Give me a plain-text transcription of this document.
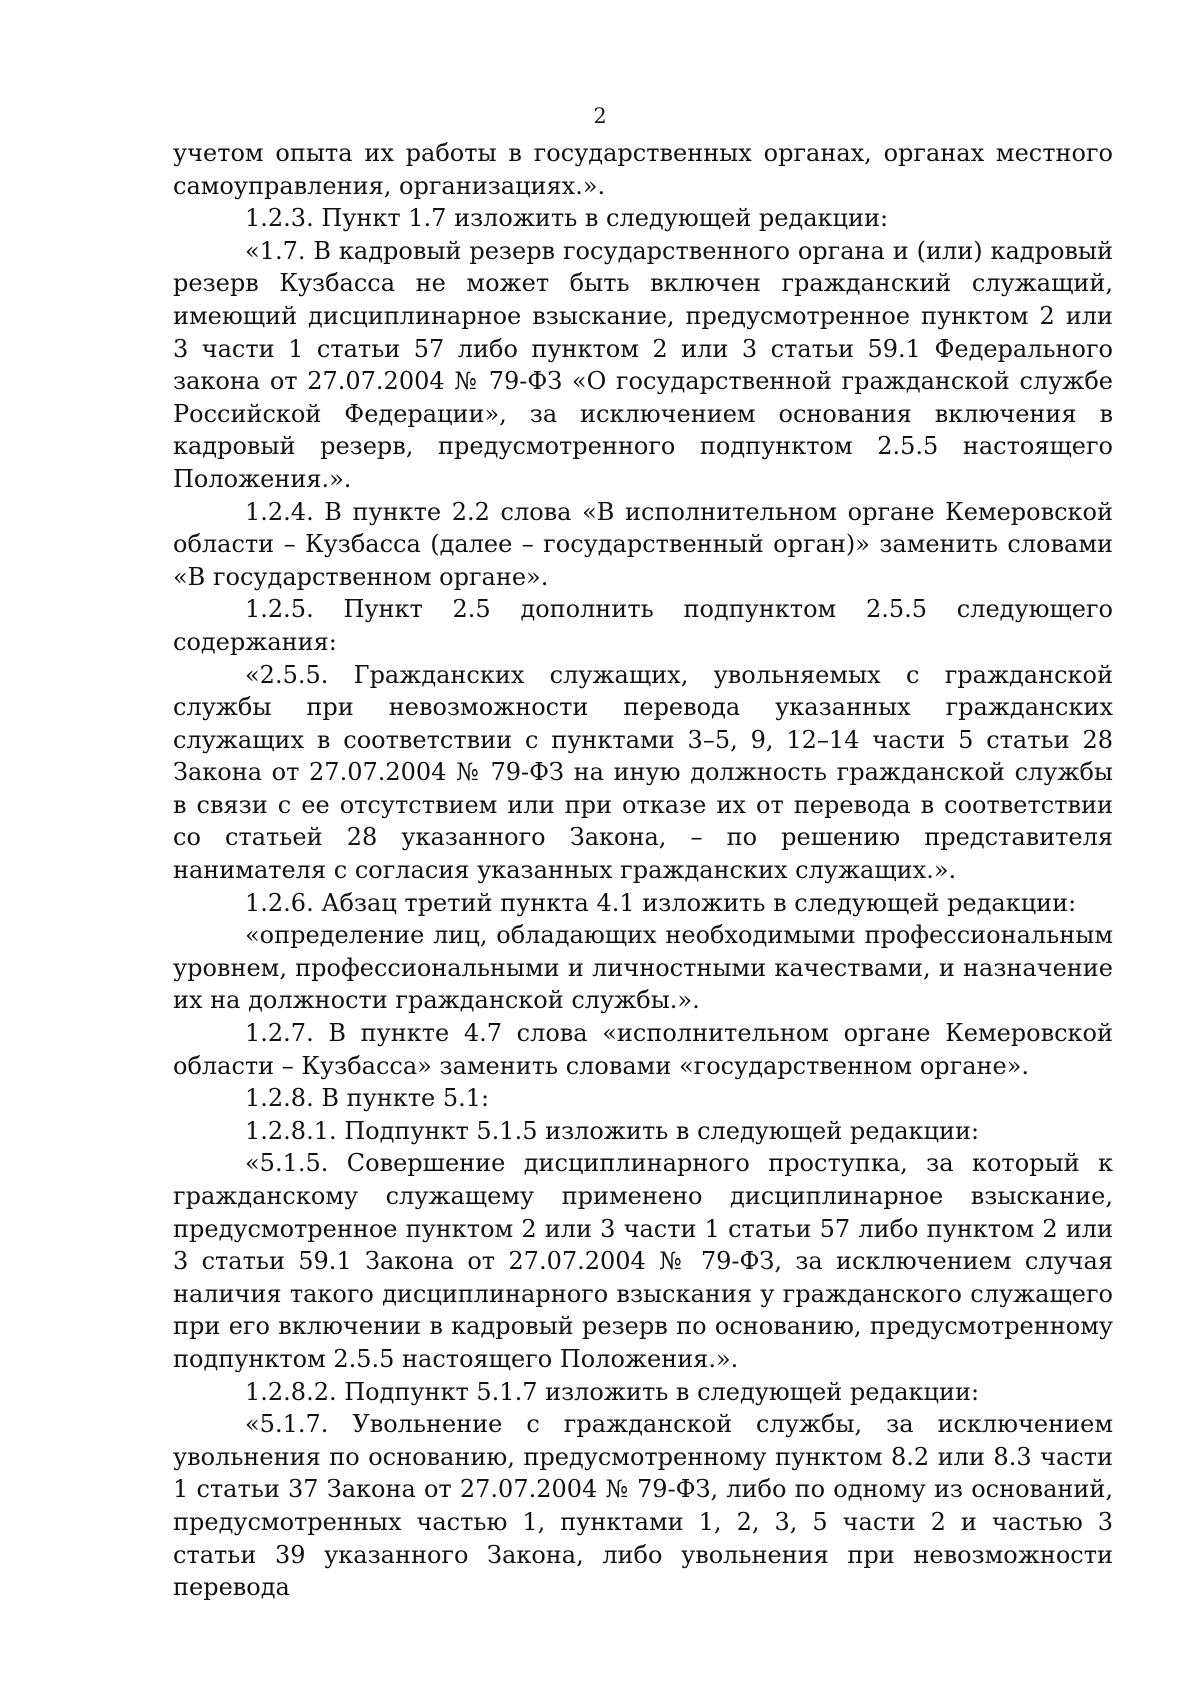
2

учетом опыта их работы в государственных органах, органах местного самоуправления, организациях.».

1.2.3. Пункт 1.7 изложить в следующей редакции:

«1.7. В кадровый резерв государственного органа и (или) кадровый резерв Кузбасса не может быть включен гражданский служащий, имеющий дисциплинарное взыскание, предусмотренное пунктом 2 или 3 части 1 статьи 57 либо пунктом 2 или 3 статьи 59.1 Федерального закона от 27.07.2004 № 79-ФЗ «О государственной гражданской службе Российской Федерации», за исключением основания включения в кадровый резерв, предусмотренного подпунктом 2.5.5 настоящего Положения.».

1.2.4. В пункте 2.2 слова «В исполнительном органе Кемеровской области – Кузбасса (далее – государственный орган)» заменить словами «В государственном органе».

1.2.5. Пункт 2.5 дополнить подпунктом 2.5.5 следующего содержания:

«2.5.5. Гражданских служащих, увольняемых с гражданской службы при невозможности перевода указанных гражданских служащих в соответствии с пунктами 3–5, 9, 12–14 части 5 статьи 28 Закона от 27.07.2004 № 79-ФЗ на иную должность гражданской службы в связи с ее отсутствием или при отказе их от перевода в соответствии со статьей 28 указанного Закона, – по решению представителя нанимателя с согласия указанных гражданских служащих.».

1.2.6. Абзац третий пункта 4.1 изложить в следующей редакции:

«определение лиц, обладающих необходимыми профессиональным уровнем, профессиональными и личностными качествами, и назначение их на должности гражданской службы.».

1.2.7. В пункте 4.7 слова «исполнительном органе Кемеровской области – Кузбасса» заменить словами «государственном органе».

1.2.8. В пункте 5.1:

1.2.8.1. Подпункт 5.1.5 изложить в следующей редакции:

«5.1.5. Совершение дисциплинарного проступка, за который к гражданскому служащему применено дисциплинарное взыскание, предусмотренное пунктом 2 или 3 части 1 статьи 57 либо пунктом 2 или 3 статьи 59.1 Закона от 27.07.2004 № 79-ФЗ, за исключением случая наличия такого дисциплинарного взыскания у гражданского служащего при его включении в кадровый резерв по основанию, предусмотренному подпунктом 2.5.5 настоящего Положения.».

1.2.8.2. Подпункт 5.1.7 изложить в следующей редакции:

«5.1.7. Увольнение с гражданской службы, за исключением увольнения по основанию, предусмотренному пунктом 8.2 или 8.3 части 1 статьи 37 Закона от 27.07.2004 № 79-ФЗ, либо по одному из оснований, предусмотренных частью 1, пунктами 1, 2, 3, 5 части 2 и частью 3 статьи 39 указанного Закона, либо увольнения при невозможности перевода
